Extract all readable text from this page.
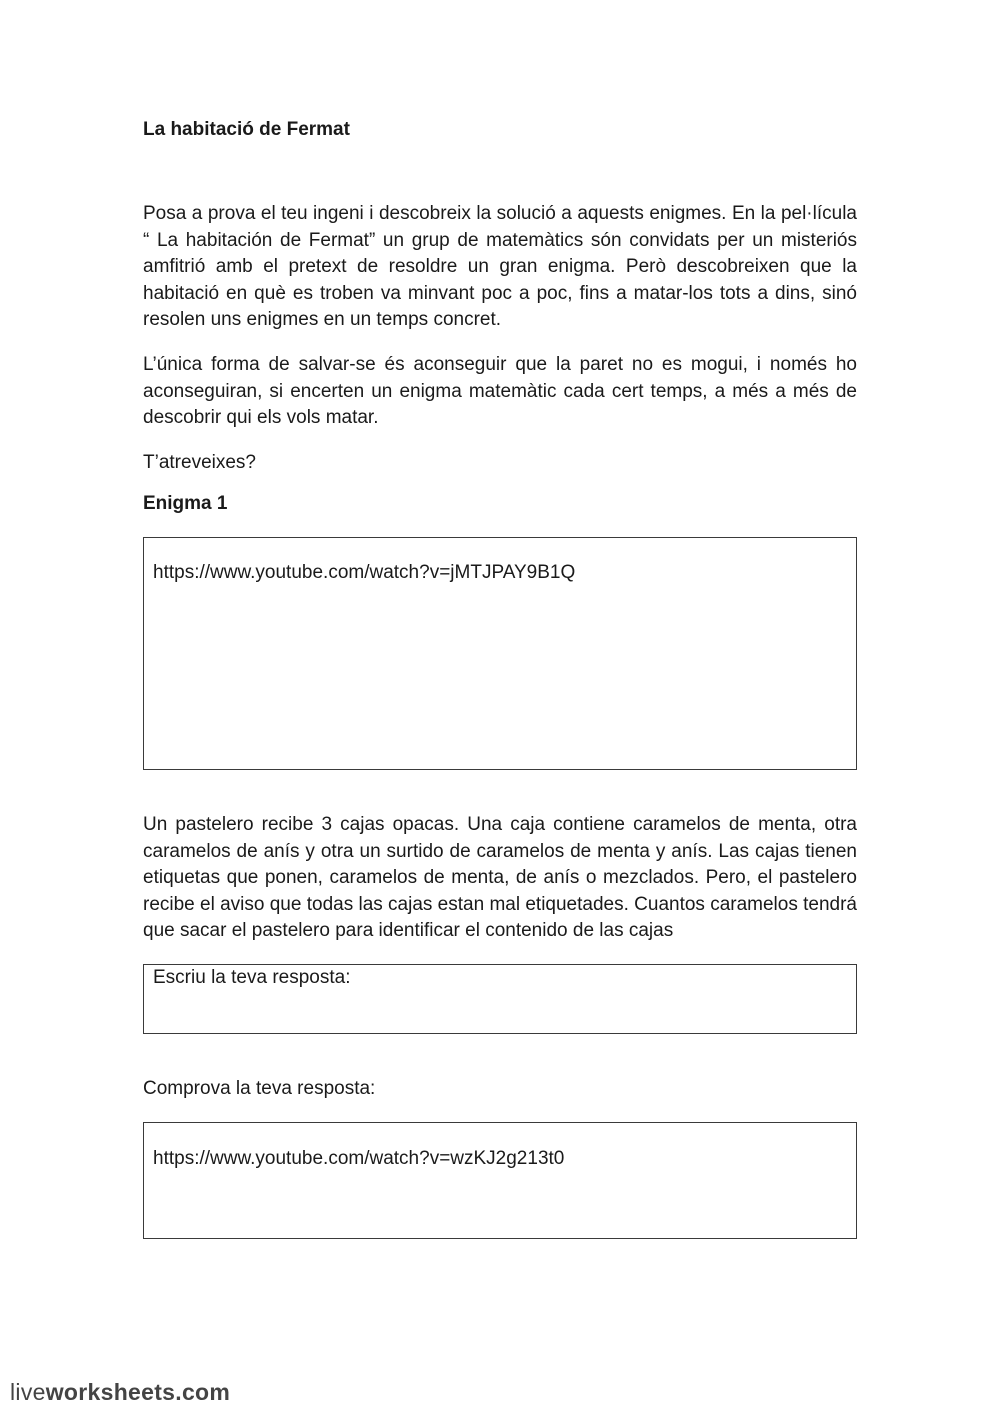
La habitació de Fermat

Posa a prova el teu ingeni i descobreix la solució a aquests enigmes. En la pel·lícula “ La habitación de Fermat” un grup de matemàtics són convidats per un misteriós amfitrió amb el pretext de resoldre un gran enigma. Però descobreixen que la habitació en què es troben va minvant poc a poc, fins a matar-los tots a dins, sinó resolen uns enigmes en un temps concret.

L’única forma de salvar-se és aconseguir que la paret no es mogui, i només ho aconseguiran, si encerten un enigma matemàtic cada cert temps, a més a més de descobrir qui els vols matar.

T’atreveixes?

Enigma 1

https://www.youtube.com/watch?v=jMTJPAY9B1Q

Un pastelero recibe 3 cajas opacas. Una caja contiene caramelos de menta, otra caramelos de anís y otra un surtido de caramelos de menta y anís. Las cajas tienen etiquetas que ponen, caramelos de menta, de anís o mezclados. Pero, el pastelero recibe el aviso que todas las cajas estan mal etiquetades. Cuantos caramelos tendrá que sacar el pastelero para identificar el contenido de las cajas

Escriu la teva resposta:

Comprova la teva resposta:

https://www.youtube.com/watch?v=wzKJ2g213t0
liveworksheets.com
